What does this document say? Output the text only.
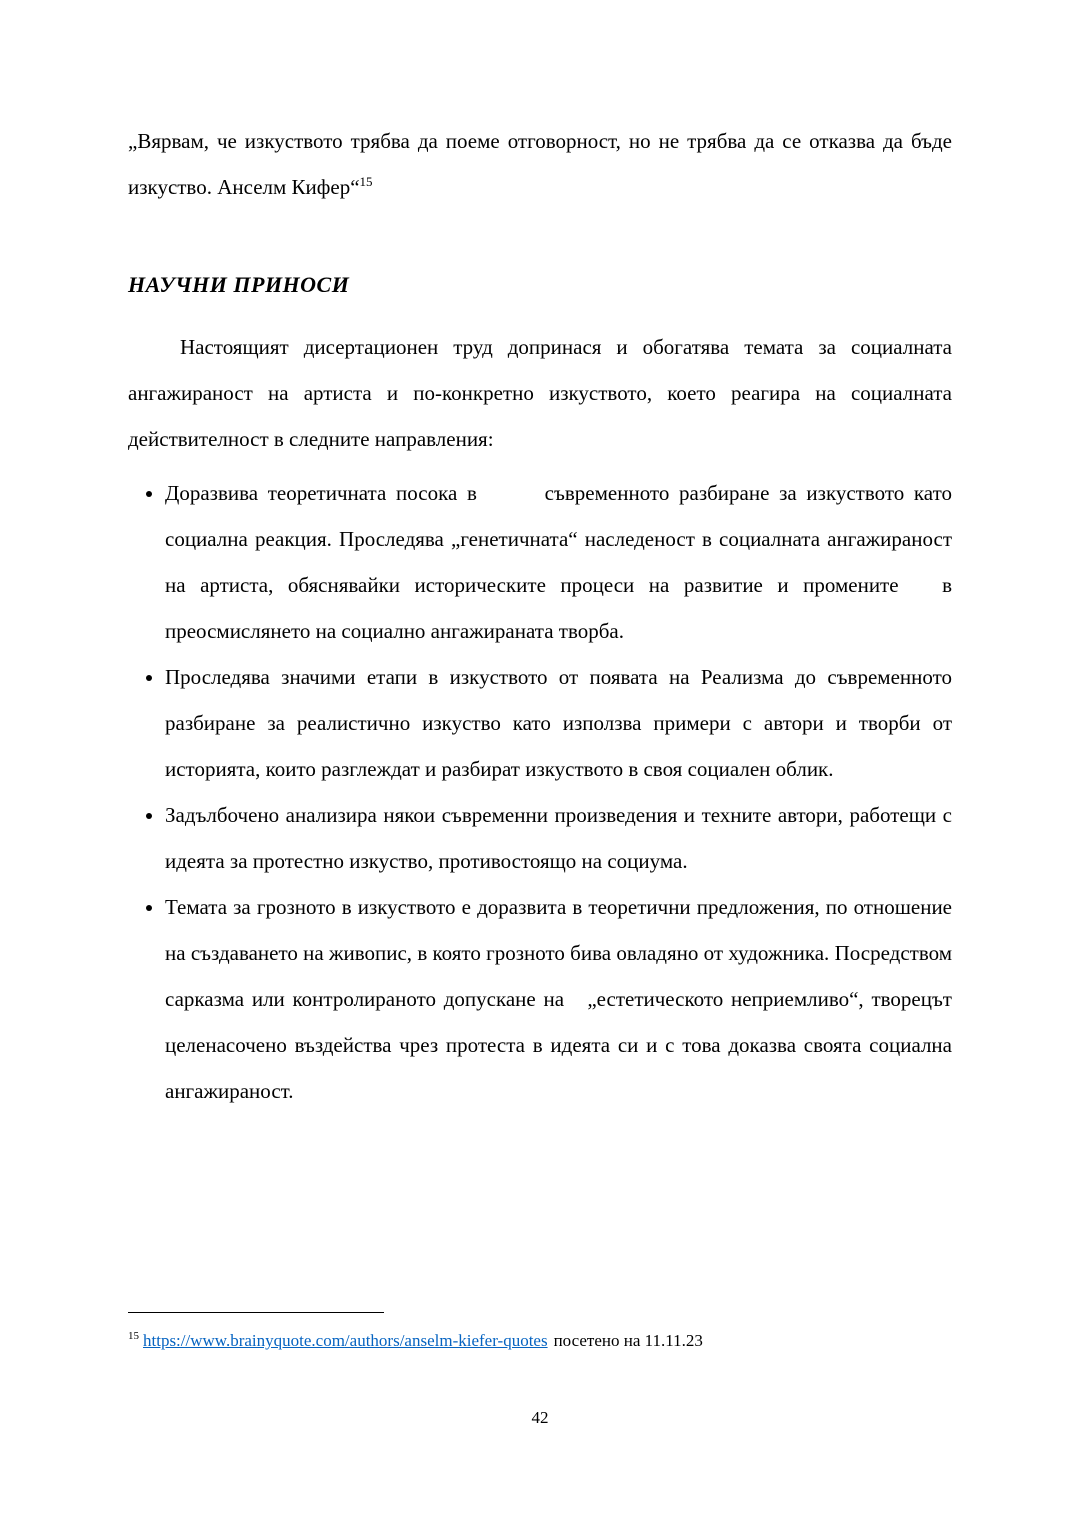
„Вярвам, че изкуството трябва да поеме отговорност, но не трябва да се отказва да бъде изкуство. Анселм Кифер“$^{15}$

НАУЧНИ ПРИНОСИ

Настоящият дисертационен труд допринася и обогатява темата за социалната ангажираност на артиста и по-конкретно изкуството, което реагира на социалната действителност в следните направления:

• Доразвива теоретичната посока в       съвременното разбиране за изкуството като социална реакция. Проследява „генетичната“ наследеност в социалната ангажираност на артиста, обяснявайки историческите процеси на развитие и промените   в преосмислянето на социално ангажираната творба.
• Проследява значими етапи в изкуството от появата на Реализма до съвременното разбиране за реалистично изкуство като използва примери с автори и творби от историята, които разглеждат и разбират изкуството в своя социален облик.
• Задълбочено анализира някои съвременни произведения и техните автори, работещи с идеята за протестно изкуство, противостоящо на социума.
• Темата за грозното в изкуството е доразвита в теоретични предложения, по отношение на създаването на живопис, в която грозното бива овладяно от художника. Посредством сарказма или контролираното допускане на   „естетическото неприемливо“, творецът целенасочено въздейства чрез протеста в идеята си и с това доказва своята социална ангажираност.

$^{15}$ https://www.brainyquote.com/authors/anselm-kiefer-quotes посетено на 11.11.23

42
